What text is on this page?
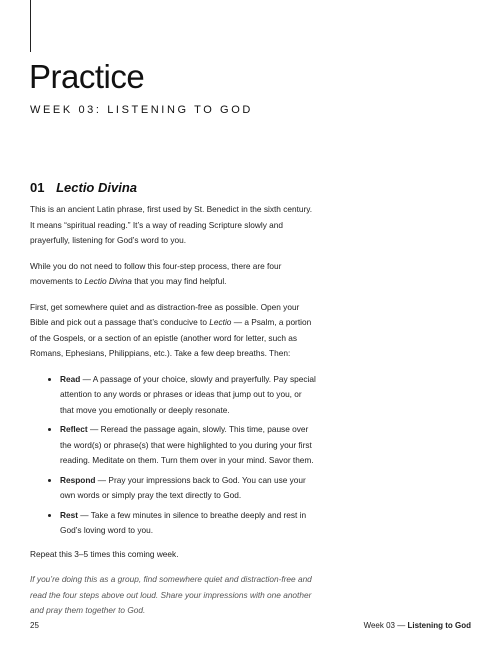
Practice
WEEK 03: LISTENING TO GOD
01 Lectio Divina

This is an ancient Latin phrase, first used by St. Benedict in the sixth century. It means “spiritual reading.” It’s a way of reading Scripture slowly and prayerfully, listening for God’s word to you.

While you do not need to follow this four-step process, there are four movements to Lectio Divina that you may find helpful.

First, get somewhere quiet and as distraction-free as possible. Open your Bible and pick out a passage that’s conducive to Lectio — a Psalm, a portion of the Gospels, or a section of an epistle (another word for letter, such as Romans, Ephesians, Philippians, etc.). Take a few deep breaths. Then:

• Read — A passage of your choice, slowly and prayerfully. Pay special attention to any words or phrases or ideas that jump out to you, or that move you emotionally or deeply resonate.
• Reflect — Reread the passage again, slowly. This time, pause over the word(s) or phrase(s) that were highlighted to you during your first reading. Meditate on them. Turn them over in your mind. Savor them.
• Respond — Pray your impressions back to God. You can use your own words or simply pray the text directly to God.
• Rest — Take a few minutes in silence to breathe deeply and rest in God’s loving word to you.

Repeat this 3–5 times this coming week.

If you’re doing this as a group, find somewhere quiet and distraction-free and read the four steps above out loud. Share your impressions with one another and pray them together to God.

25	Week 03 — Listening to God
